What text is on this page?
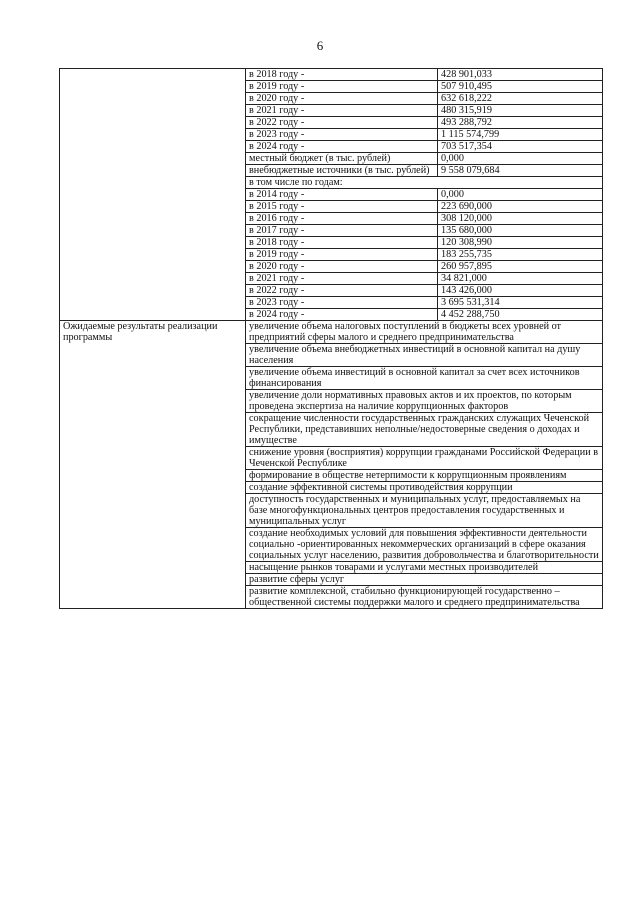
6
	в 2018 году -	428 901,033
	в 2019 году -	507 910,495
	в 2020 году -	632 618,222
	в 2021 году -	480 315,919
	в 2022 году -	493 288,792
	в 2023 году -	1 115 574,799
	в 2024 году -	703 517,354
	местный бюджет (в тыс. рублей)	0,000
	внебюджетные источники (в тыс. рублей)	9 558 079,684
	в том числе по годам:	
	в 2014 году -	0,000
	в 2015 году -	223 690,000
	в 2016 году -	308 120,000
	в 2017 году -	135 680,000
	в 2018 году -	120 308,990
	в 2019 году -	183 255,735
	в 2020 году -	260 957,895
	в 2021 году -	34 821,000
	в 2022 году -	143 426,000
	в 2023 году -	3 695 531,314
	в 2024 году -	4 452 288,750
Ожидаемые результаты реализации программы	увеличение объема налоговых поступлений в бюджеты всех уровней от предприятий сферы малого и среднего предпринимательства	
	увеличение объема внебюджетных инвестиций в основной капитал на душу населения	
	увеличение объема инвестиций в основной капитал за счет всех источников финансирования	
	увеличение доли нормативных правовых актов и их проектов, по которым проведена экспертиза на наличие коррупционных факторов	
	сокращение численности государственных гражданских служащих Чеченской Республики, представивших неполные/недостоверные сведения о доходах и имуществе	
	снижение уровня (восприятия) коррупции гражданами Российской Федерации в Чеченской Республике	
	формирование в обществе нетерпимости к коррупционным проявлениям	
	создание эффективной системы противодействия коррупции	
	доступность государственных и муниципальных услуг, предоставляемых на базе многофункциональных центров предоставления государственных и муниципальных услуг	
	создание необходимых условий для повышения эффективности деятельности социально -ориентированных некоммерческих организаций в сфере оказания социальных услуг населению, развития добровольчества и благотворительности	
	насыщение рынков товарами и услугами местных производителей	
	развитие сферы услуг	
	развитие комплексной, стабильно функционирующей государственно – общественной системы поддержки малого и среднего предпринимательства	
